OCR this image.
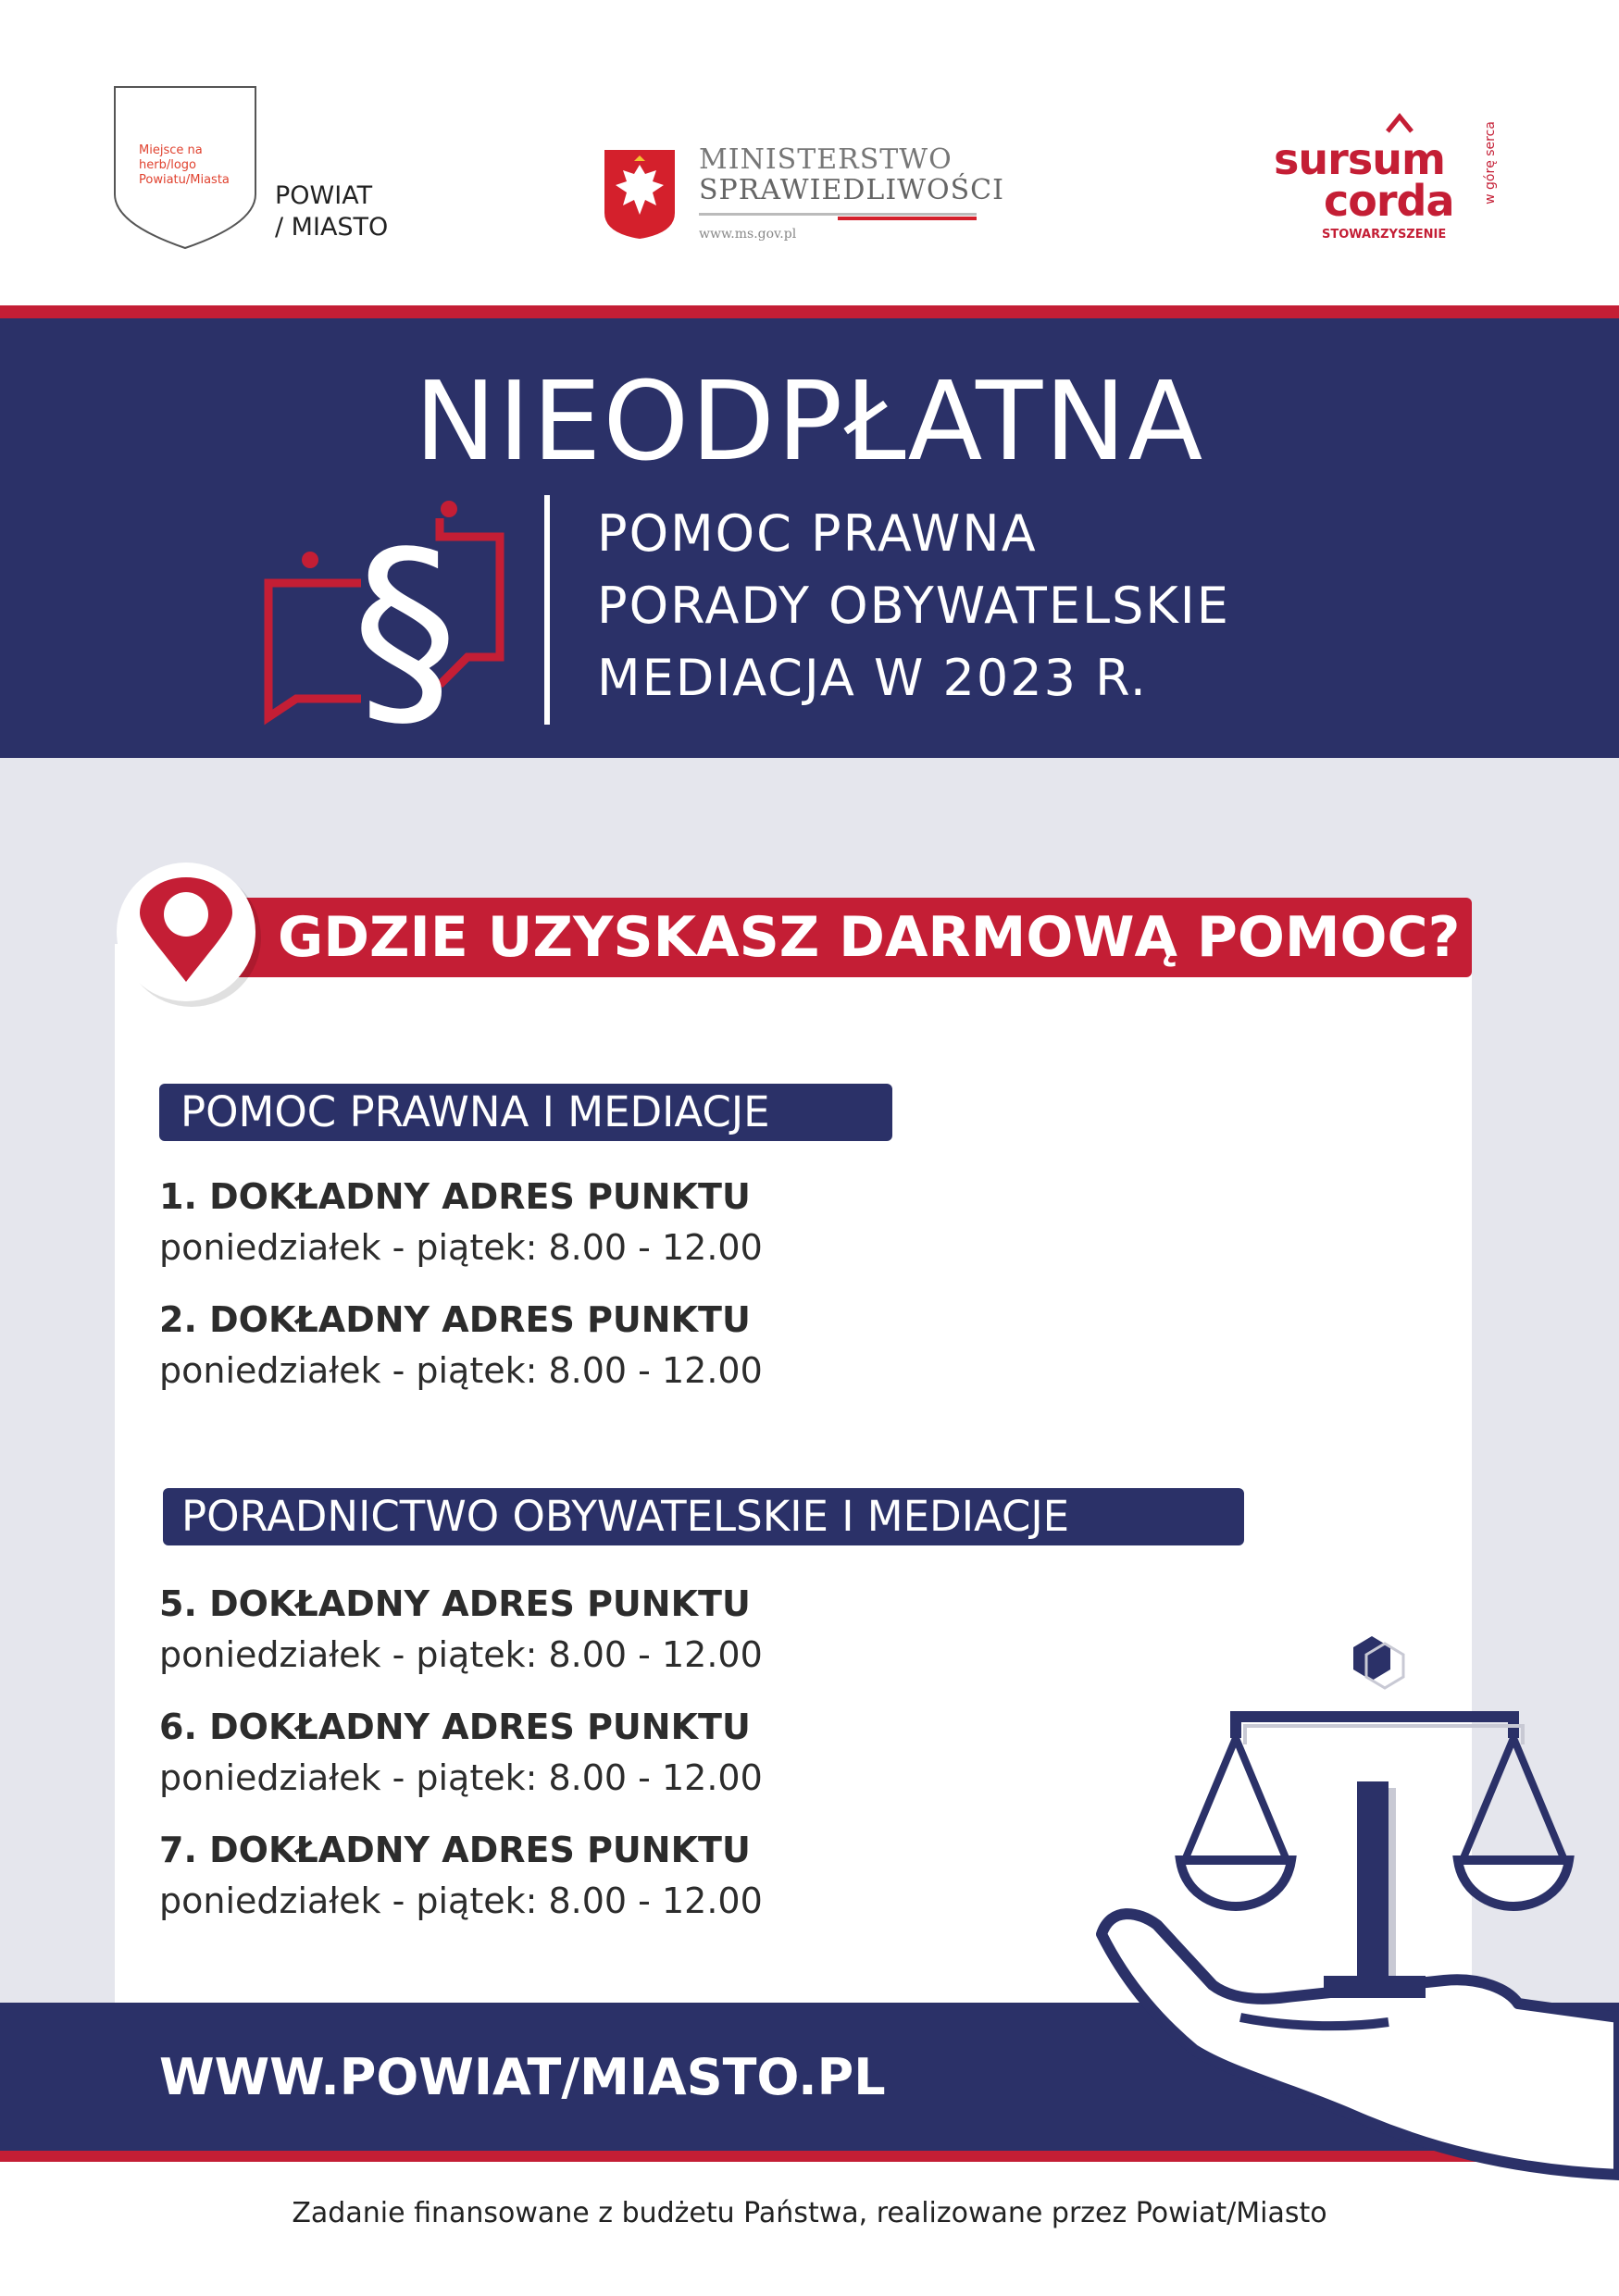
Miejsce na herb/logo Powiatu/Miasta
POWIAT
/ MIASTO
MINISTERSTWO
SPRAWIEDLIWOŚCI
www.ms.gov.pl
sursum
corda
STOWARZYSZENIE
w górę serca
NIEODPŁATNA
§	POMOC PRAWNA
PORADY OBYWATELSKIE
MEDIACJA W 2023 R.
GDZIE UZYSKASZ DARMOWĄ POMOC?
POMOC PRAWNA I MEDIACJE
1. DOKŁADNY ADRES PUNKTU
poniedziałek - piątek: 8.00 - 12.00
2. DOKŁADNY ADRES PUNKTU
poniedziałek - piątek: 8.00 - 12.00
PORADNICTWO OBYWATELSKIE I MEDIACJE
5. DOKŁADNY ADRES PUNKTU
poniedziałek - piątek: 8.00 - 12.00
6. DOKŁADNY ADRES PUNKTU
poniedziałek - piątek: 8.00 - 12.00
7. DOKŁADNY ADRES PUNKTU
poniedziałek - piątek: 8.00 - 12.00
WWW.POWIAT/MIASTO.PL
Zadanie finansowane z budżetu Państwa, realizowane przez Powiat/Miasto
